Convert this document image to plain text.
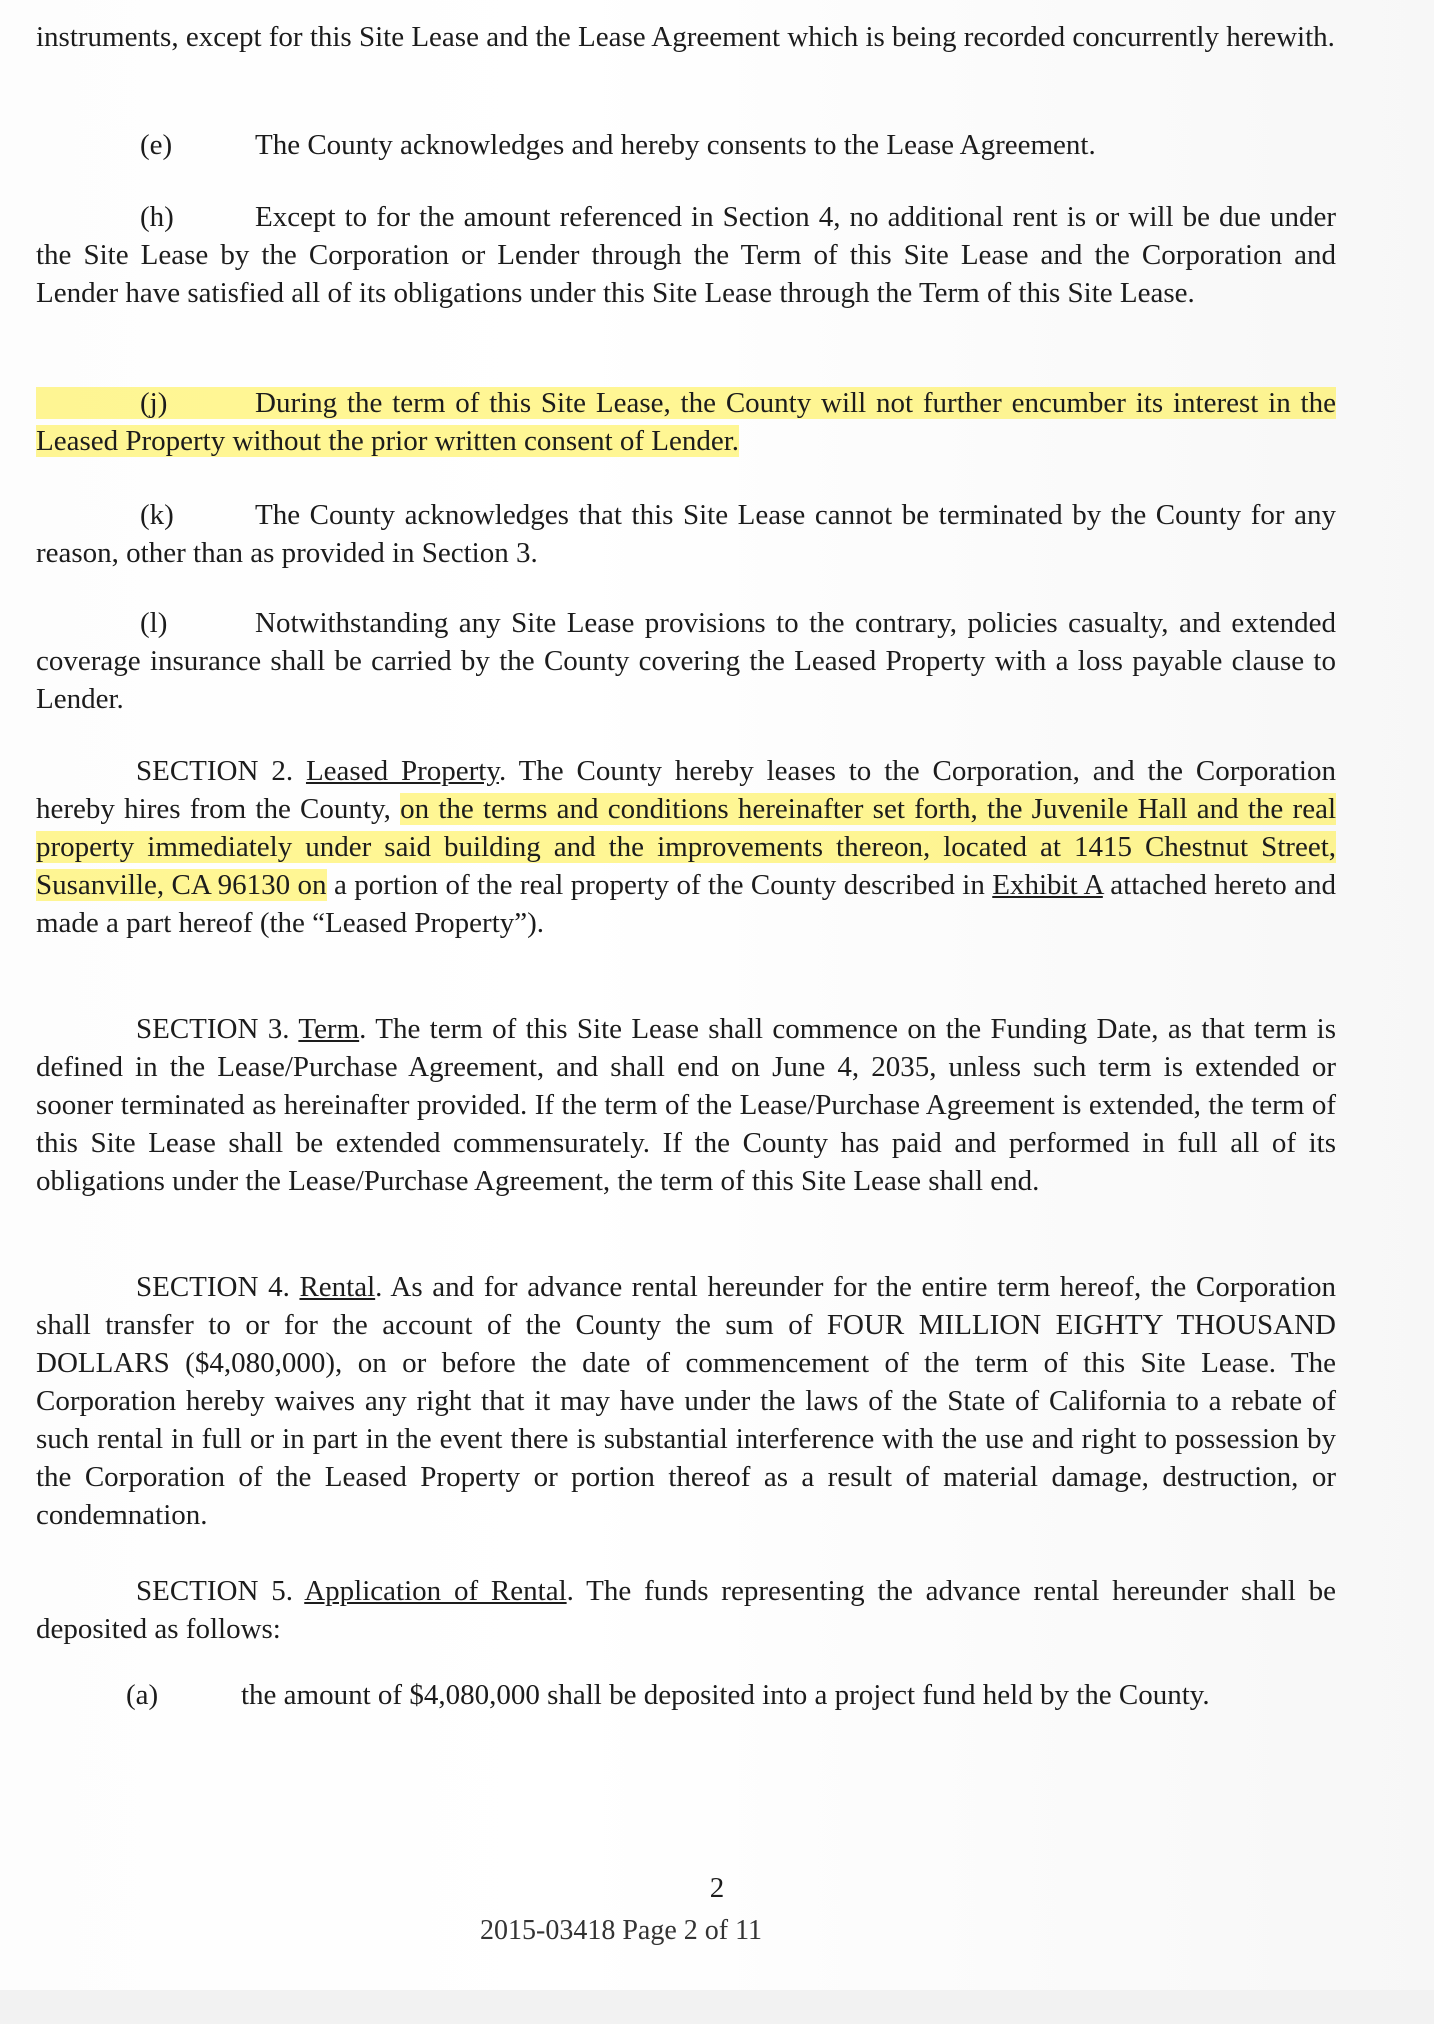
instruments, except for this Site Lease and the Lease Agreement which is being recorded concurrently herewith.
(e)	The County acknowledges and hereby consents to the Lease Agreement.
(h)	Except to for the amount referenced in Section 4, no additional rent is or will be due under the Site Lease by the Corporation or Lender through the Term of this Site Lease and the Corporation and Lender have satisfied all of its obligations under this Site Lease through the Term of this Site Lease.
(j)	During the term of this Site Lease, the County will not further encumber its interest in the Leased Property without the prior written consent of Lender.
(k)	The County acknowledges that this Site Lease cannot be terminated by the County for any reason, other than as provided in Section 3.
(l)	Notwithstanding any Site Lease provisions to the contrary, policies casualty, and extended coverage insurance shall be carried by the County covering the Leased Property with a loss payable clause to Lender.
SECTION 2. Leased Property. The County hereby leases to the Corporation, and the Corporation hereby hires from the County, on the terms and conditions hereinafter set forth, the Juvenile Hall and the real property immediately under said building and the improvements thereon, located at 1415 Chestnut Street, Susanville, CA 96130 on a portion of the real property of the County described in Exhibit A attached hereto and made a part hereof (the “Leased Property”).
SECTION 3. Term. The term of this Site Lease shall commence on the Funding Date, as that term is defined in the Lease/Purchase Agreement, and shall end on June 4, 2035, unless such term is extended or sooner terminated as hereinafter provided. If the term of the Lease/Purchase Agreement is extended, the term of this Site Lease shall be extended commensurately. If the County has paid and performed in full all of its obligations under the Lease/Purchase Agreement, the term of this Site Lease shall end.
SECTION 4. Rental. As and for advance rental hereunder for the entire term hereof, the Corporation shall transfer to or for the account of the County the sum of FOUR MILLION EIGHTY THOUSAND DOLLARS ($4,080,000), on or before the date of commencement of the term of this Site Lease. The Corporation hereby waives any right that it may have under the laws of the State of California to a rebate of such rental in full or in part in the event there is substantial interference with the use and right to possession by the Corporation of the Leased Property or portion thereof as a result of material damage, destruction, or condemnation.
SECTION 5. Application of Rental. The funds representing the advance rental hereunder shall be deposited as follows:
(a)	the amount of $4,080,000 shall be deposited into a project fund held by the County.
2
2015-03418 Page 2 of 11
